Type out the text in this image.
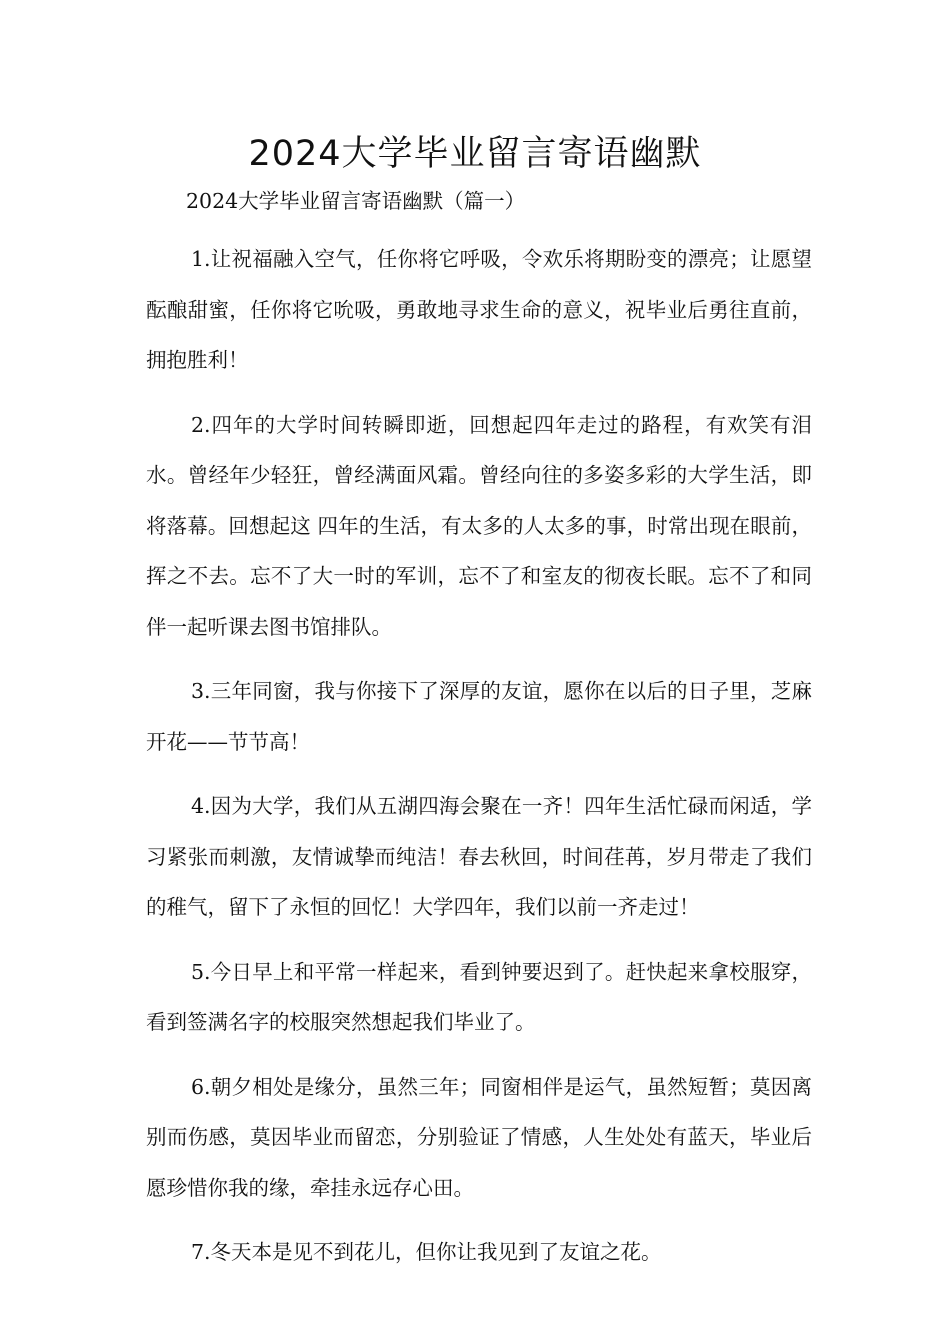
2024大学毕业留言寄语幽默

2024大学毕业留言寄语幽默（篇一）

1.让祝福融入空气，任你将它呼吸，令欢乐将期盼变的漂亮；让愿望酝酿甜蜜，任你将它吮吸，勇敢地寻求生命的意义，祝毕业后勇往直前，拥抱胜利！

2.四年的大学时间转瞬即逝，回想起四年走过的路程，有欢笑有泪水。曾经年少轻狂，曾经满面风霜。曾经向往的多姿多彩的大学生活，即将落幕。回想起这 四年的生活，有太多的人太多的事，时常出现在眼前，挥之不去。忘不了大一时的军训，忘不了和室友的彻夜长眠。忘不了和同伴一起听课去图书馆排队。

3.三年同窗，我与你接下了深厚的友谊，愿你在以后的日子里，芝麻开花——节节高！

4.因为大学，我们从五湖四海会聚在一齐！四年生活忙碌而闲适，学习紧张而刺激，友情诚挚而纯洁！春去秋回，时间荏苒，岁月带走了我们的稚气，留下了永恒的回忆！大学四年，我们以前一齐走过！

5.今日早上和平常一样起来，看到钟要迟到了。赶快起来拿校服穿，看到签满名字的校服突然想起我们毕业了。

6.朝夕相处是缘分，虽然三年；同窗相伴是运气，虽然短暂；莫因离别而伤感，莫因毕业而留恋，分别验证了情感，人生处处有蓝天，毕业后愿珍惜你我的缘，牵挂永远存心田。

7.冬天本是见不到花儿，但你让我见到了友谊之花。
